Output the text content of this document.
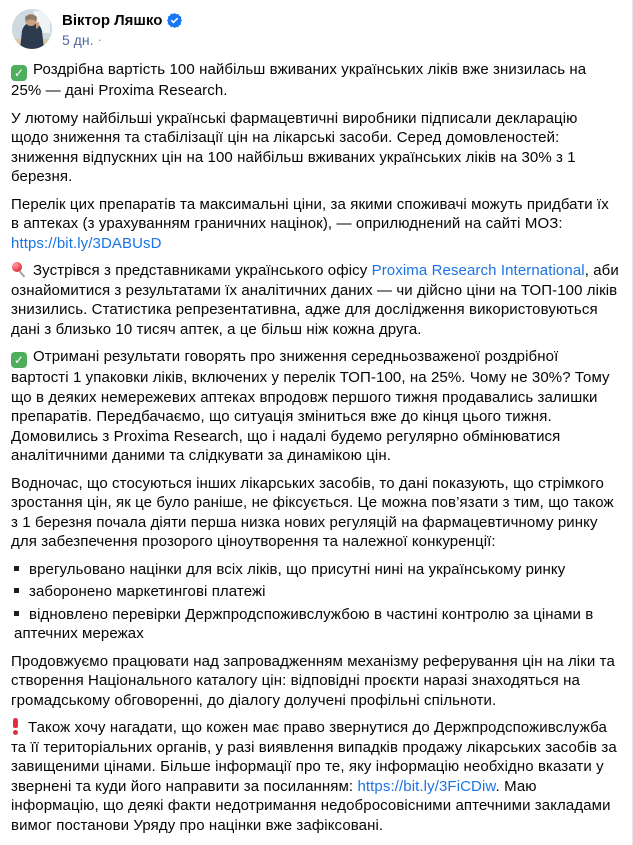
Віктор Ляшко
5 дн. ·

✓Роздрібна вартість 100 найбільш вживаних українських ліків вже знизилась на 25% — дані Proxima Research.

У лютому найбільші українські фармацевтичні виробники підписали декларацію щодо зниження та стабілізації цін на лікарські засоби. Серед домовленостей: зниження відпускних цін на 100 найбільш вживаних українських ліків на 30% з 1 березня.

Перелік цих препаратів та максимальні ціни, за якими споживачі можуть придбати їх в аптеках (з урахуванням граничних націнок), — оприлюднений на сайті МОЗ: https://bit.ly/3DABUsD

Зустрівся з представниками українського офісу Proxima Research International, аби ознайомитися з результатами їх аналітичних даних — чи дійсно ціни на ТОП-100 ліків знизились. Статистика репрезентативна, адже для дослідження використовуються дані з близько 10 тисяч аптек, а це більш ніж кожна друга.

✓Отримані результати говорять про зниження середньозваженої роздрібної вартості 1 упаковки ліків, включених у перелік ТОП-100, на 25%. Чому не 30%? Тому що в деяких немережевих аптеках впродовж першого тижня продавались залишки препаратів. Передбачаємо, що ситуація зміниться вже до кінця цього тижня. Домовились з Proxima Research, що і надалі будемо регулярно обмінюватися аналітичними даними та слідкувати за динамікою цін.

Водночас, що стосуються інших лікарських засобів, то дані показують, що стрімкого зростання цін, як це було раніше, не фіксується. Це можна пов’язати з тим, що також з 1 березня почала діяти перша низка нових регуляцій на фармацевтичному ринку для забезпечення прозорого ціноутворення та належної конкуренції:

врегульовано націнки для всіх ліків, що присутні нині на українському ринку
заборонено маркетингові платежі
відновлено перевірки Держпродспоживслужбою в частині контролю за цінами в аптечних мережах

Продовжуємо працювати над запровадженням механізму реферування цін на ліки та створення Національного каталогу цін: відповідні проєкти наразі знаходяться на громадському обговоренні, до діалогу долучені профільні спільноти.

Також хочу нагадати, що кожен має право звернутися до Держпродспоживслужба та її територіальних органів, у разі виявлення випадків продажу лікарських засобів за завищеними цінами. Більше інформації про те, яку інформацію необхідно вказати у звернені та куди його направити за посиланням: https://bit.ly/3FiCDiw. Маю інформацію, що деякі факти недотримання недобросовісними аптечними закладами вимог постанови Уряду про націнки вже зафіксовані.
